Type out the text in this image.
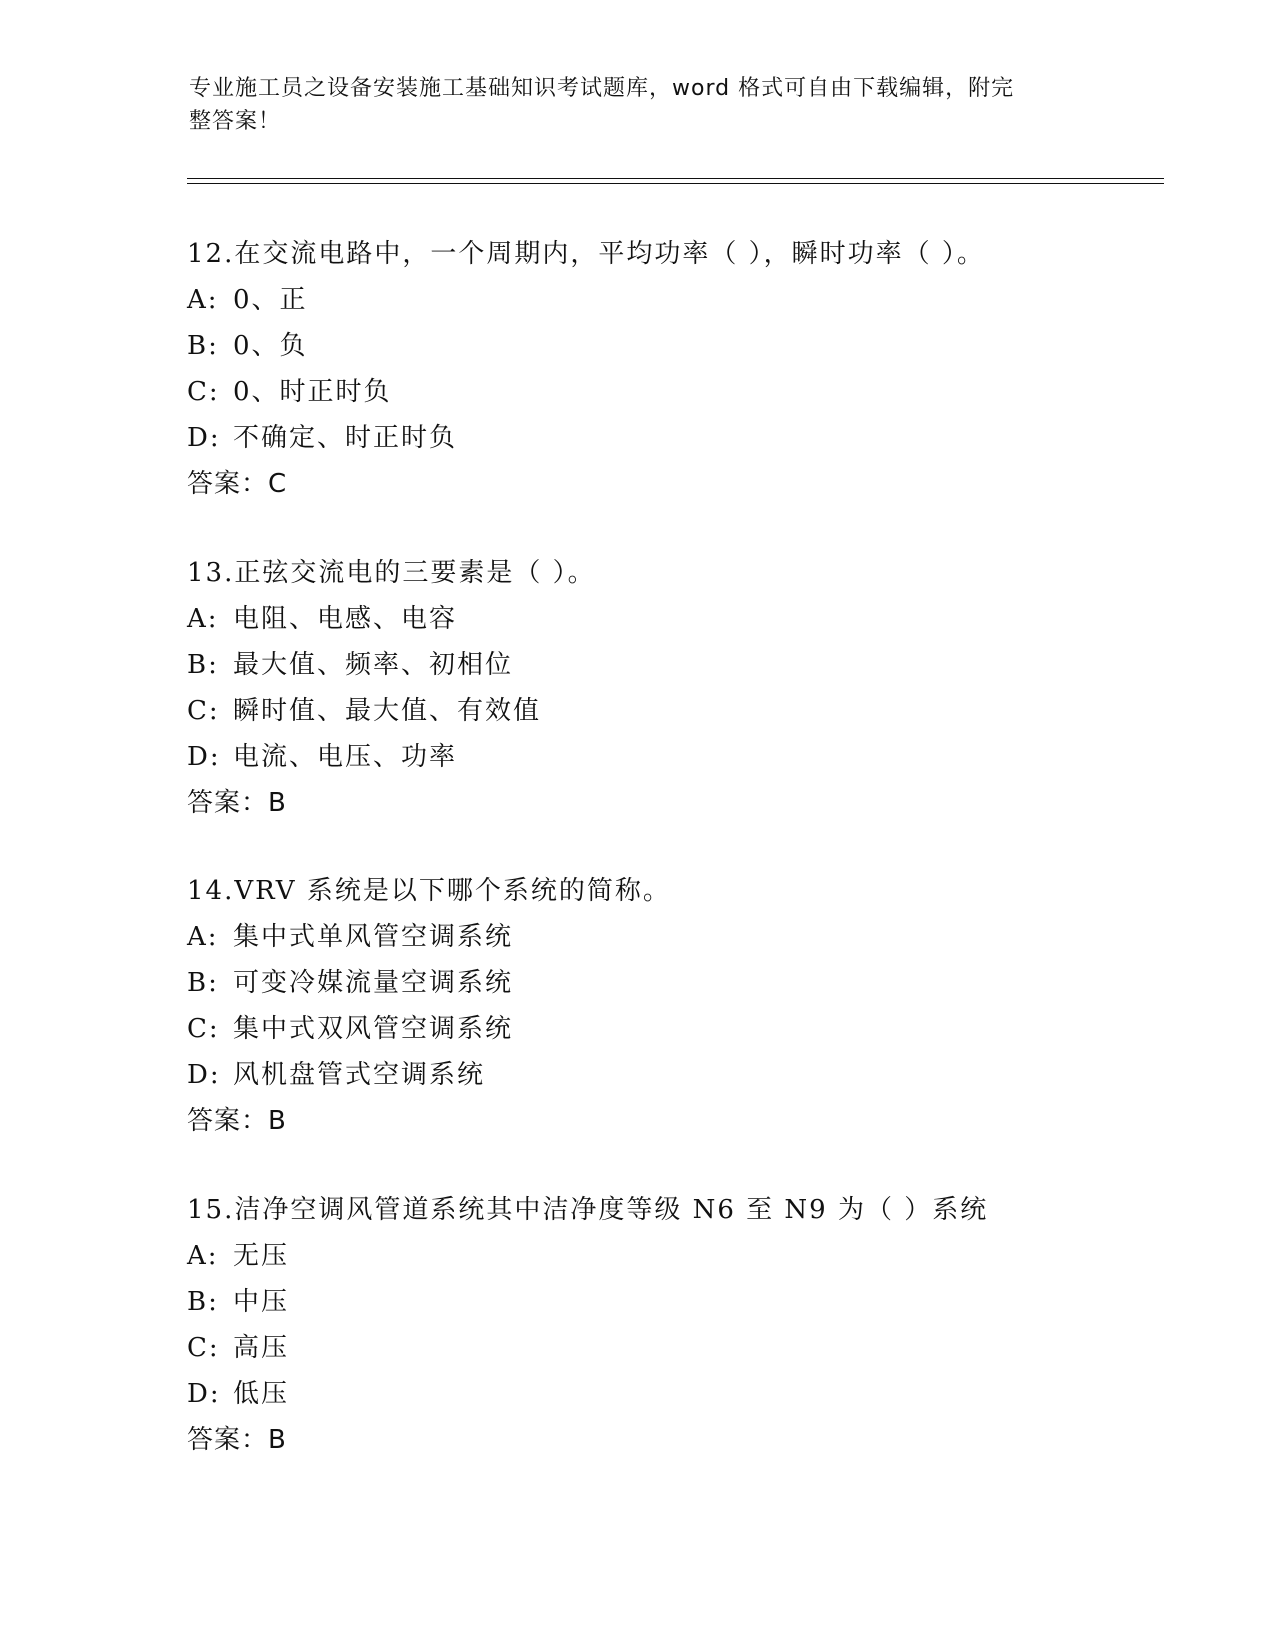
专业施工员之设备安装施工基础知识考试题库，word 格式可自由下载编辑，附完
整答案！
12.在交流电路中，一个周期内，平均功率（ ），瞬时功率（ ）。
A: 0、正
B: 0、负
C: 0、时正时负
D: 不确定、时正时负
答案：C
13.正弦交流电的三要素是（ ）。
A: 电阻、电感、电容
B: 最大值、频率、初相位
C: 瞬时值、最大值、有效值
D: 电流、电压、功率
答案：B
14.VRV 系统是以下哪个系统的简称。
A: 集中式单风管空调系统
B: 可变冷媒流量空调系统
C: 集中式双风管空调系统
D: 风机盘管式空调系统
答案：B
15.洁净空调风管道系统其中洁净度等级 N6 至 N9 为（ ）系统
A: 无压
B: 中压
C: 高压
D: 低压
答案：B
